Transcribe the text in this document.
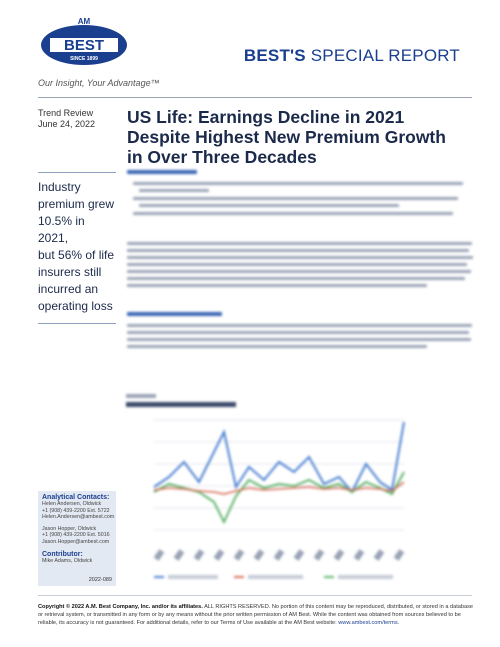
AM
BEST
SINCE 1899
Our Insight, Your Advantage™
BEST'S SPECIAL REPORT
Trend Review
June 24, 2022 US Life: Earnings Decline in 2021
Despite Highest New Premium Growth
in Over Three Decades
Industry
premium grew
10.5% in 2021,
but 56% of life
insurers still
incurred an
operating loss
Analytical Contacts:
Helen Andersen, Oldwick
+1 (908) 439-2200 Ext. 5722
Helen.Andersen@ambest.com
Jason Hopper, Oldwick
+1 (908) 439-2200 Ext. 5016
Jason.Hopper@ambest.com
Contributor:
Mike Adams, Oldwick
2022-089
Copyright © 2022 A.M. Best Company, Inc. and/or its affiliates. ALL RIGHTS RESERVED. No portion of this content may be reproduced, distributed, or stored in a database or retrieval system, or transmitted in any form or by any means without the prior written permission of AM Best. While the content was obtained from sources believed to be reliable, its accuracy is not guaranteed. For additional details, refer to our Terms of Use available at the AM Best website: www.ambest.com/terms.
